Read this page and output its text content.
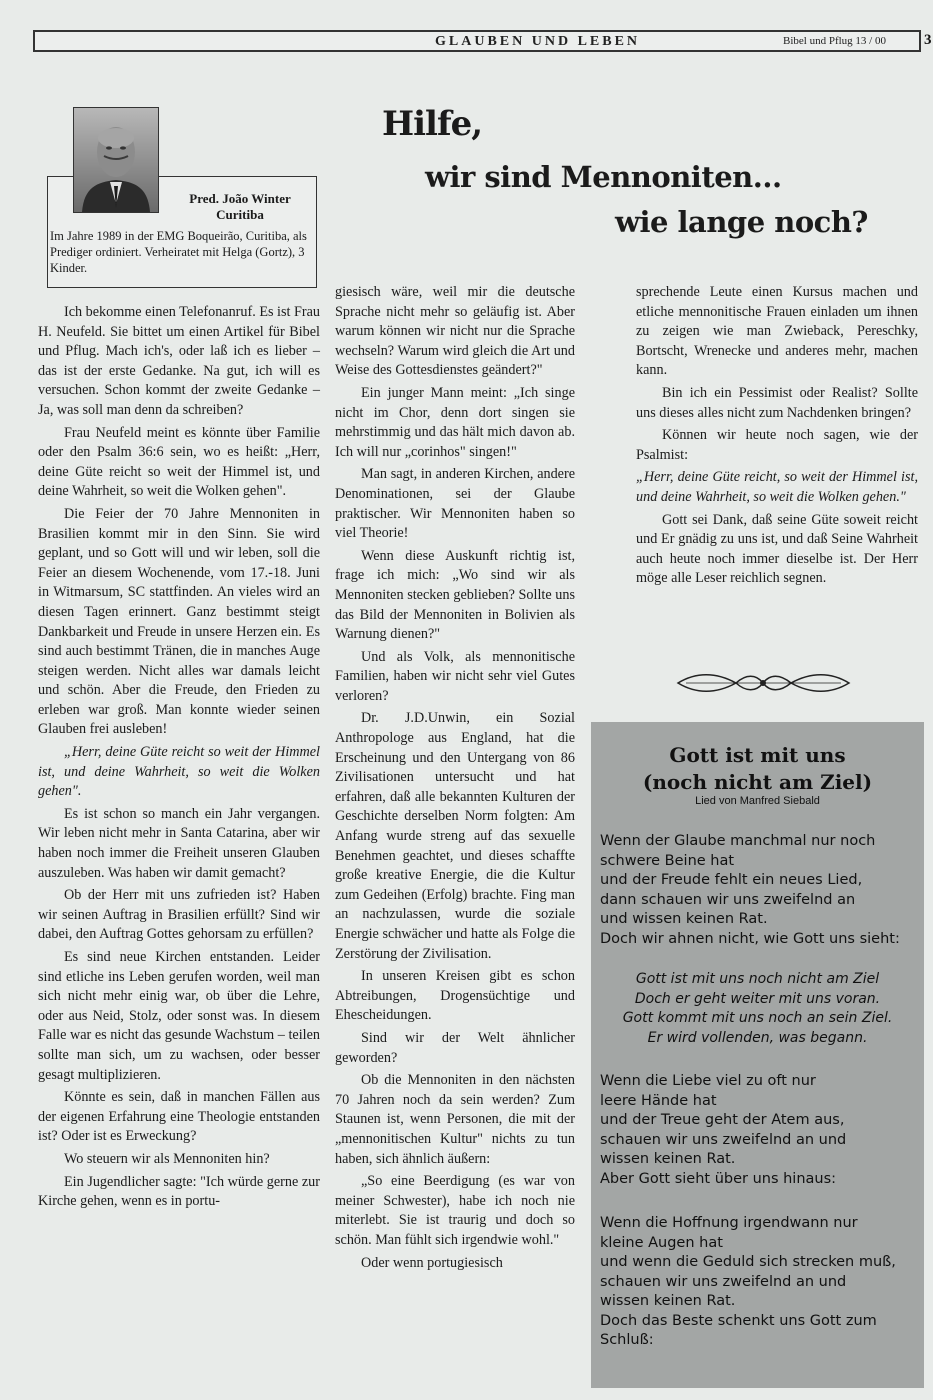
GLAUBEN UND LEBEN	Bibel und Pflug 13 / 00	3
Pred. João Winter
Curitiba
Im Jahre 1989 in der EMG Boqueirão, Curitiba, als Prediger ordiniert. Verheiratet mit Helga (Gortz), 3 Kinder.
Hilfe,
wir sind Mennoniten...
wie lange noch?

Ich bekomme einen Telefonanruf. Es ist Frau H. Neufeld. Sie bittet um einen Artikel für Bibel und Pflug. Mach ich's, oder laß ich es lieber – das ist der erste Gedanke. Na gut, ich will es versuchen. Schon kommt der zweite Gedanke – Ja, was soll man denn da schreiben?

Frau Neufeld meint es könnte über Familie oder den Psalm 36:6 sein, wo es heißt: „Herr, deine Güte reicht so weit der Himmel ist, und deine Wahrheit, so weit die Wolken gehen".

Die Feier der 70 Jahre Mennoniten in Brasilien kommt mir in den Sinn. Sie wird geplant, und so Gott will und wir leben, soll die Feier an diesem Wochenende, vom 17.-18. Juni in Witmarsum, SC stattfinden. An vieles wird an diesen Tagen erinnert. Ganz bestimmt steigt Dankbarkeit und Freude in unsere Herzen ein. Es sind auch bestimmt Tränen, die in manches Auge steigen werden. Nicht alles war damals leicht und schön. Aber die Freude, den Frieden zu erleben war groß. Man konnte wieder seinen Glauben frei ausleben!

„Herr, deine Güte reicht so weit der Himmel ist, und deine Wahrheit, so weit die Wolken gehen".

Es ist schon so manch ein Jahr vergangen. Wir leben nicht mehr in Santa Catarina, aber wir haben noch immer die Freiheit unseren Glauben auszuleben. Was haben wir damit gemacht?

Ob der Herr mit uns zufrieden ist? Haben wir seinen Auftrag in Brasilien erfüllt? Sind wir dabei, den Auftrag Gottes gehorsam zu erfüllen?

Es sind neue Kirchen entstanden. Leider sind etliche ins Leben gerufen worden, weil man sich nicht mehr einig war, ob über die Lehre, oder aus Neid, Stolz, oder sonst was. In diesem Falle war es nicht das gesunde Wachstum – teilen sollte man sich, um zu wachsen, oder besser gesagt multiplizieren.

Könnte es sein, daß in manchen Fällen aus der eigenen Erfahrung eine Theologie entstanden ist? Oder ist es Erweckung?

Wo steuern wir als Mennoniten hin?

Ein Jugendlicher sagte: "Ich würde gerne zur Kirche gehen, wenn es in portu-

giesisch wäre, weil mir die deutsche Sprache nicht mehr so geläufig ist. Aber warum können wir nicht nur die Sprache wechseln? Warum wird gleich die Art und Weise des Gottesdienstes geändert?"

Ein junger Mann meint: „Ich singe nicht im Chor, denn dort singen sie mehrstimmig und das hält mich davon ab. Ich will nur „corinhos" singen!"

Man sagt, in anderen Kirchen, andere Denominationen, sei der Glaube praktischer. Wir Mennoniten haben so viel Theorie!

Wenn diese Auskunft richtig ist, frage ich mich: „Wo sind wir als Mennoniten stecken geblieben? Sollte uns das Bild der Mennoniten in Bolivien als Warnung dienen?"

Und als Volk, als mennonitische Familien, haben wir nicht sehr viel Gutes verloren?

Dr. J.D.Unwin, ein Sozial Anthropologe aus England, hat die Erscheinung und den Untergang von 86 Zivilisationen untersucht und hat erfahren, daß alle bekannten Kulturen der Geschichte derselben Norm folgten: Am Anfang wurde streng auf das sexuelle Benehmen geachtet, und dieses schaffte große kreative Energie, die die Kultur zum Gedeihen (Erfolg) brachte. Fing man an nachzulassen, wurde die soziale Energie schwächer und hatte als Folge die Zerstörung der Zivilisation.

In unseren Kreisen gibt es schon Abtreibungen, Drogensüchtige und Ehescheidungen.

Sind wir der Welt ähnlicher geworden?

Ob die Mennoniten in den nächsten 70 Jahren noch da sein werden? Zum Staunen ist, wenn Personen, die mit der „mennonitischen Kultur" nichts zu tun haben, sich ähnlich äußern:

„So eine Beerdigung (es war von meiner Schwester), habe ich noch nie miterlebt. Sie ist traurig und doch so schön. Man fühlt sich irgendwie wohl."

Oder wenn portugiesisch

sprechende Leute einen Kursus machen und etliche mennonitische Frauen einladen um ihnen zu zeigen wie man Zwieback, Pereschky, Bortscht, Wrenecke und anderes mehr, machen kann.

Bin ich ein Pessimist oder Realist? Sollte uns dieses alles nicht zum Nachdenken bringen?

Können wir heute noch sagen, wie der Psalmist:

„Herr, deine Güte reicht, so weit der Himmel ist, und deine Wahrheit, so weit die Wolken gehen."

Gott sei Dank, daß seine Güte soweit reicht und Er gnädig zu uns ist, und daß Seine Wahrheit auch heute noch immer dieselbe ist. Der Herr möge alle Leser reichlich segnen.

Gott ist mit uns
(noch nicht am Ziel)
Lied von Manfred Siebald
Wenn der Glaube manchmal nur noch
schwere Beine hat
und der Freude fehlt ein neues Lied,
dann schauen wir uns zweifelnd an
und wissen keinen Rat.
Doch wir ahnen nicht, wie Gott uns sieht:
Gott ist mit uns noch nicht am Ziel
Doch er geht weiter mit uns voran.
Gott kommt mit uns noch an sein Ziel.
Er wird vollenden, was begann.
Wenn die Liebe viel zu oft nur
leere Hände hat
und der Treue geht der Atem aus,
schauen wir uns zweifelnd an und
wissen keinen Rat.
Aber Gott sieht über uns hinaus:
Wenn die Hoffnung irgendwann nur
kleine Augen hat
und wenn die Geduld sich strecken muß,
schauen wir uns zweifelnd an und
wissen keinen Rat.
Doch das Beste schenkt uns Gott zum
Schluß:
